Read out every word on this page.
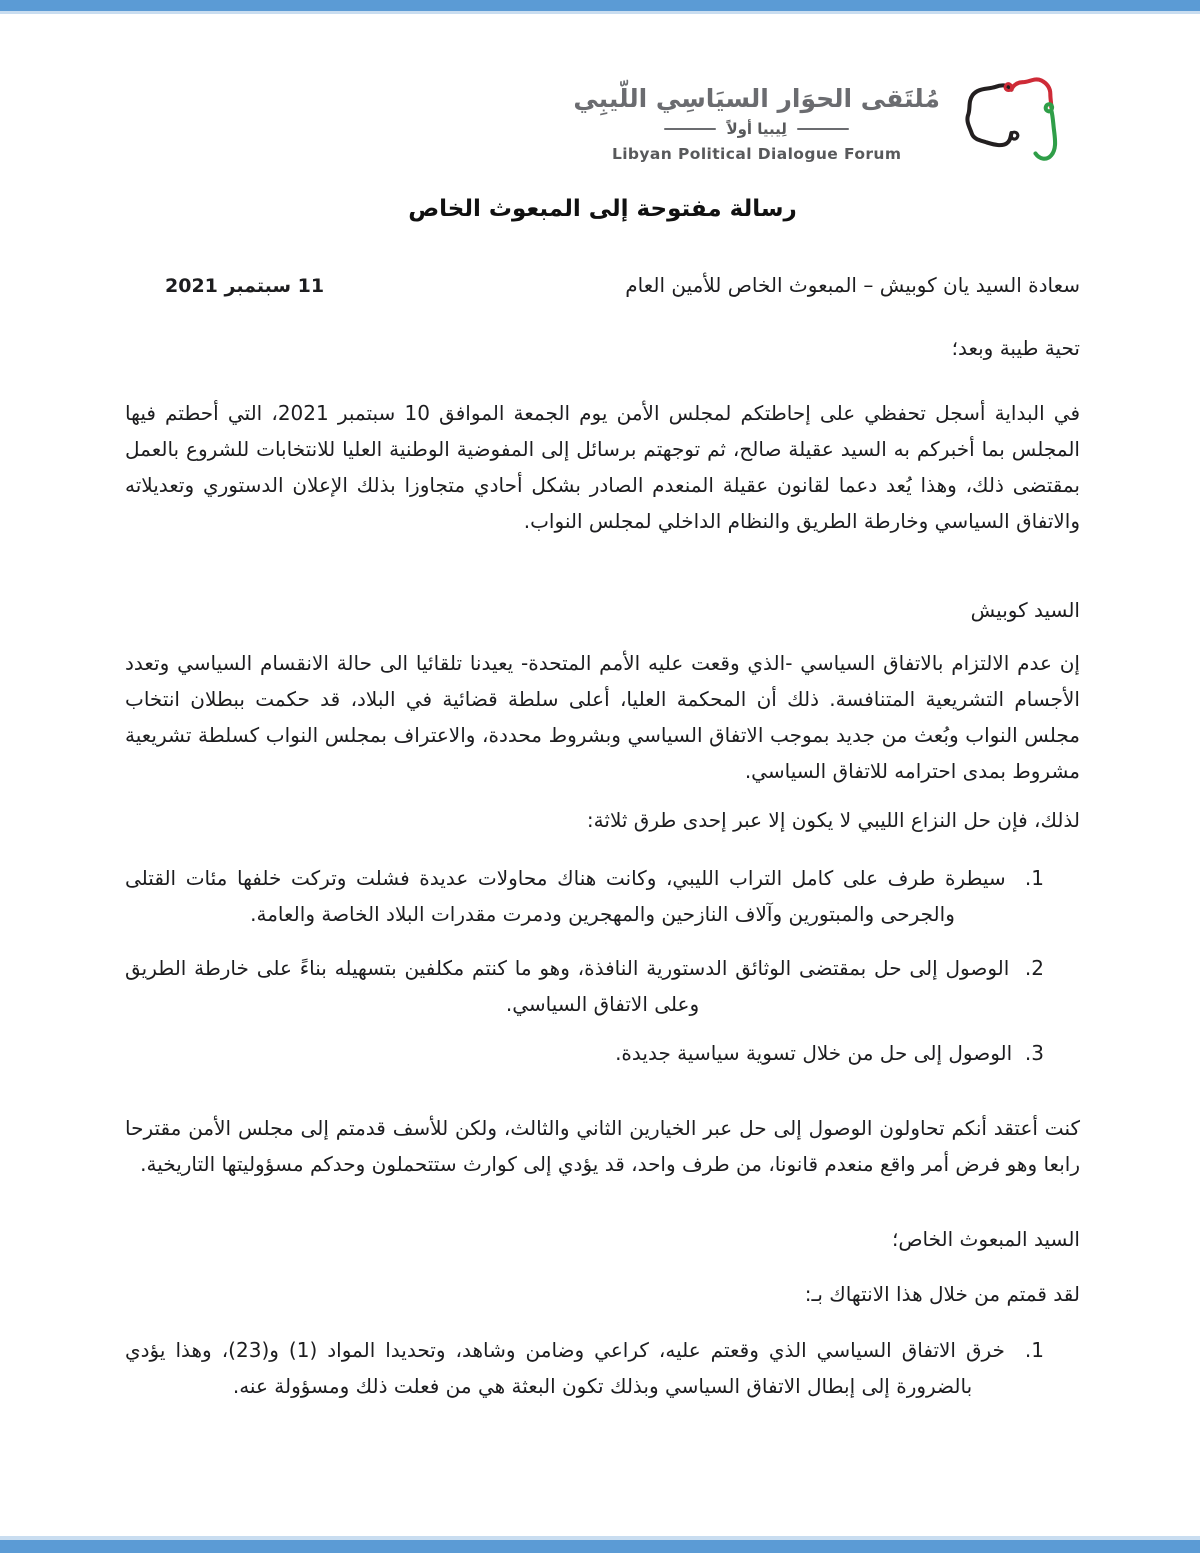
مُلتَقى الحوَار السيَاسِي اللّيبِي
لِيبيا أولاً
Libyan Political Dialogue Forum
رسالة مفتوحة إلى المبعوث الخاص
سعادة السيد يان كوبيش – المبعوث الخاص للأمين العام
11 سبتمبر 2021
تحية طيبة وبعد؛
في البداية أسجل تحفظي على إحاطتكم لمجلس الأمن يوم الجمعة الموافق 10 سبتمبر 2021، التي أحطتم فيها المجلس بما أخبركم به السيد عقيلة صالح، ثم توجهتم برسائل إلى المفوضية الوطنية العليا للانتخابات للشروع بالعمل بمقتضى ذلك، وهذا يُعد دعما لقانون عقيلة المنعدم الصادر بشكل أحادي متجاوزا بذلك الإعلان الدستوري وتعديلاته والاتفاق السياسي وخارطة الطريق والنظام الداخلي لمجلس النواب.
السيد كوبيش
إن عدم الالتزام بالاتفاق السياسي -الذي وقعت عليه الأمم المتحدة- يعيدنا تلقائيا الى حالة الانقسام السياسي وتعدد الأجسام التشريعية المتنافسة. ذلك أن المحكمة العليا، أعلى سلطة قضائية في البلاد، قد حكمت ببطلان انتخاب مجلس النواب وبُعث من جديد بموجب الاتفاق السياسي وبشروط محددة، والاعتراف بمجلس النواب كسلطة تشريعية مشروط بمدى احترامه للاتفاق السياسي.
لذلك، فإن حل النزاع الليبي لا يكون إلا عبر إحدى طرق ثلاثة:
1.سيطرة طرف على كامل التراب الليبي، وكانت هناك محاولات عديدة فشلت وتركت خلفها مئات القتلى والجرحى والمبتورين وآلاف النازحين والمهجرين ودمرت مقدرات البلاد الخاصة والعامة.
2.الوصول إلى حل بمقتضى الوثائق الدستورية النافذة، وهو ما كنتم مكلفين بتسهيله بناءً على خارطة الطريق وعلى الاتفاق السياسي.
3.الوصول إلى حل من خلال تسوية سياسية جديدة.
كنت أعتقد أنكم تحاولون الوصول إلى حل عبر الخيارين الثاني والثالث، ولكن للأسف قدمتم إلى مجلس الأمن مقترحا رابعا وهو فرض أمر واقع منعدم قانونا، من طرف واحد، قد يؤدي إلى كوارث ستتحملون وحدكم مسؤوليتها التاريخية.
السيد المبعوث الخاص؛
لقد قمتم من خلال هذا الانتهاك بـ:
1.خرق الاتفاق السياسي الذي وقعتم عليه، كراعي وضامن وشاهد، وتحديدا المواد (1) و(23)، وهذا يؤدي بالضرورة إلى إبطال الاتفاق السياسي وبذلك تكون البعثة هي من فعلت ذلك ومسؤولة عنه.
